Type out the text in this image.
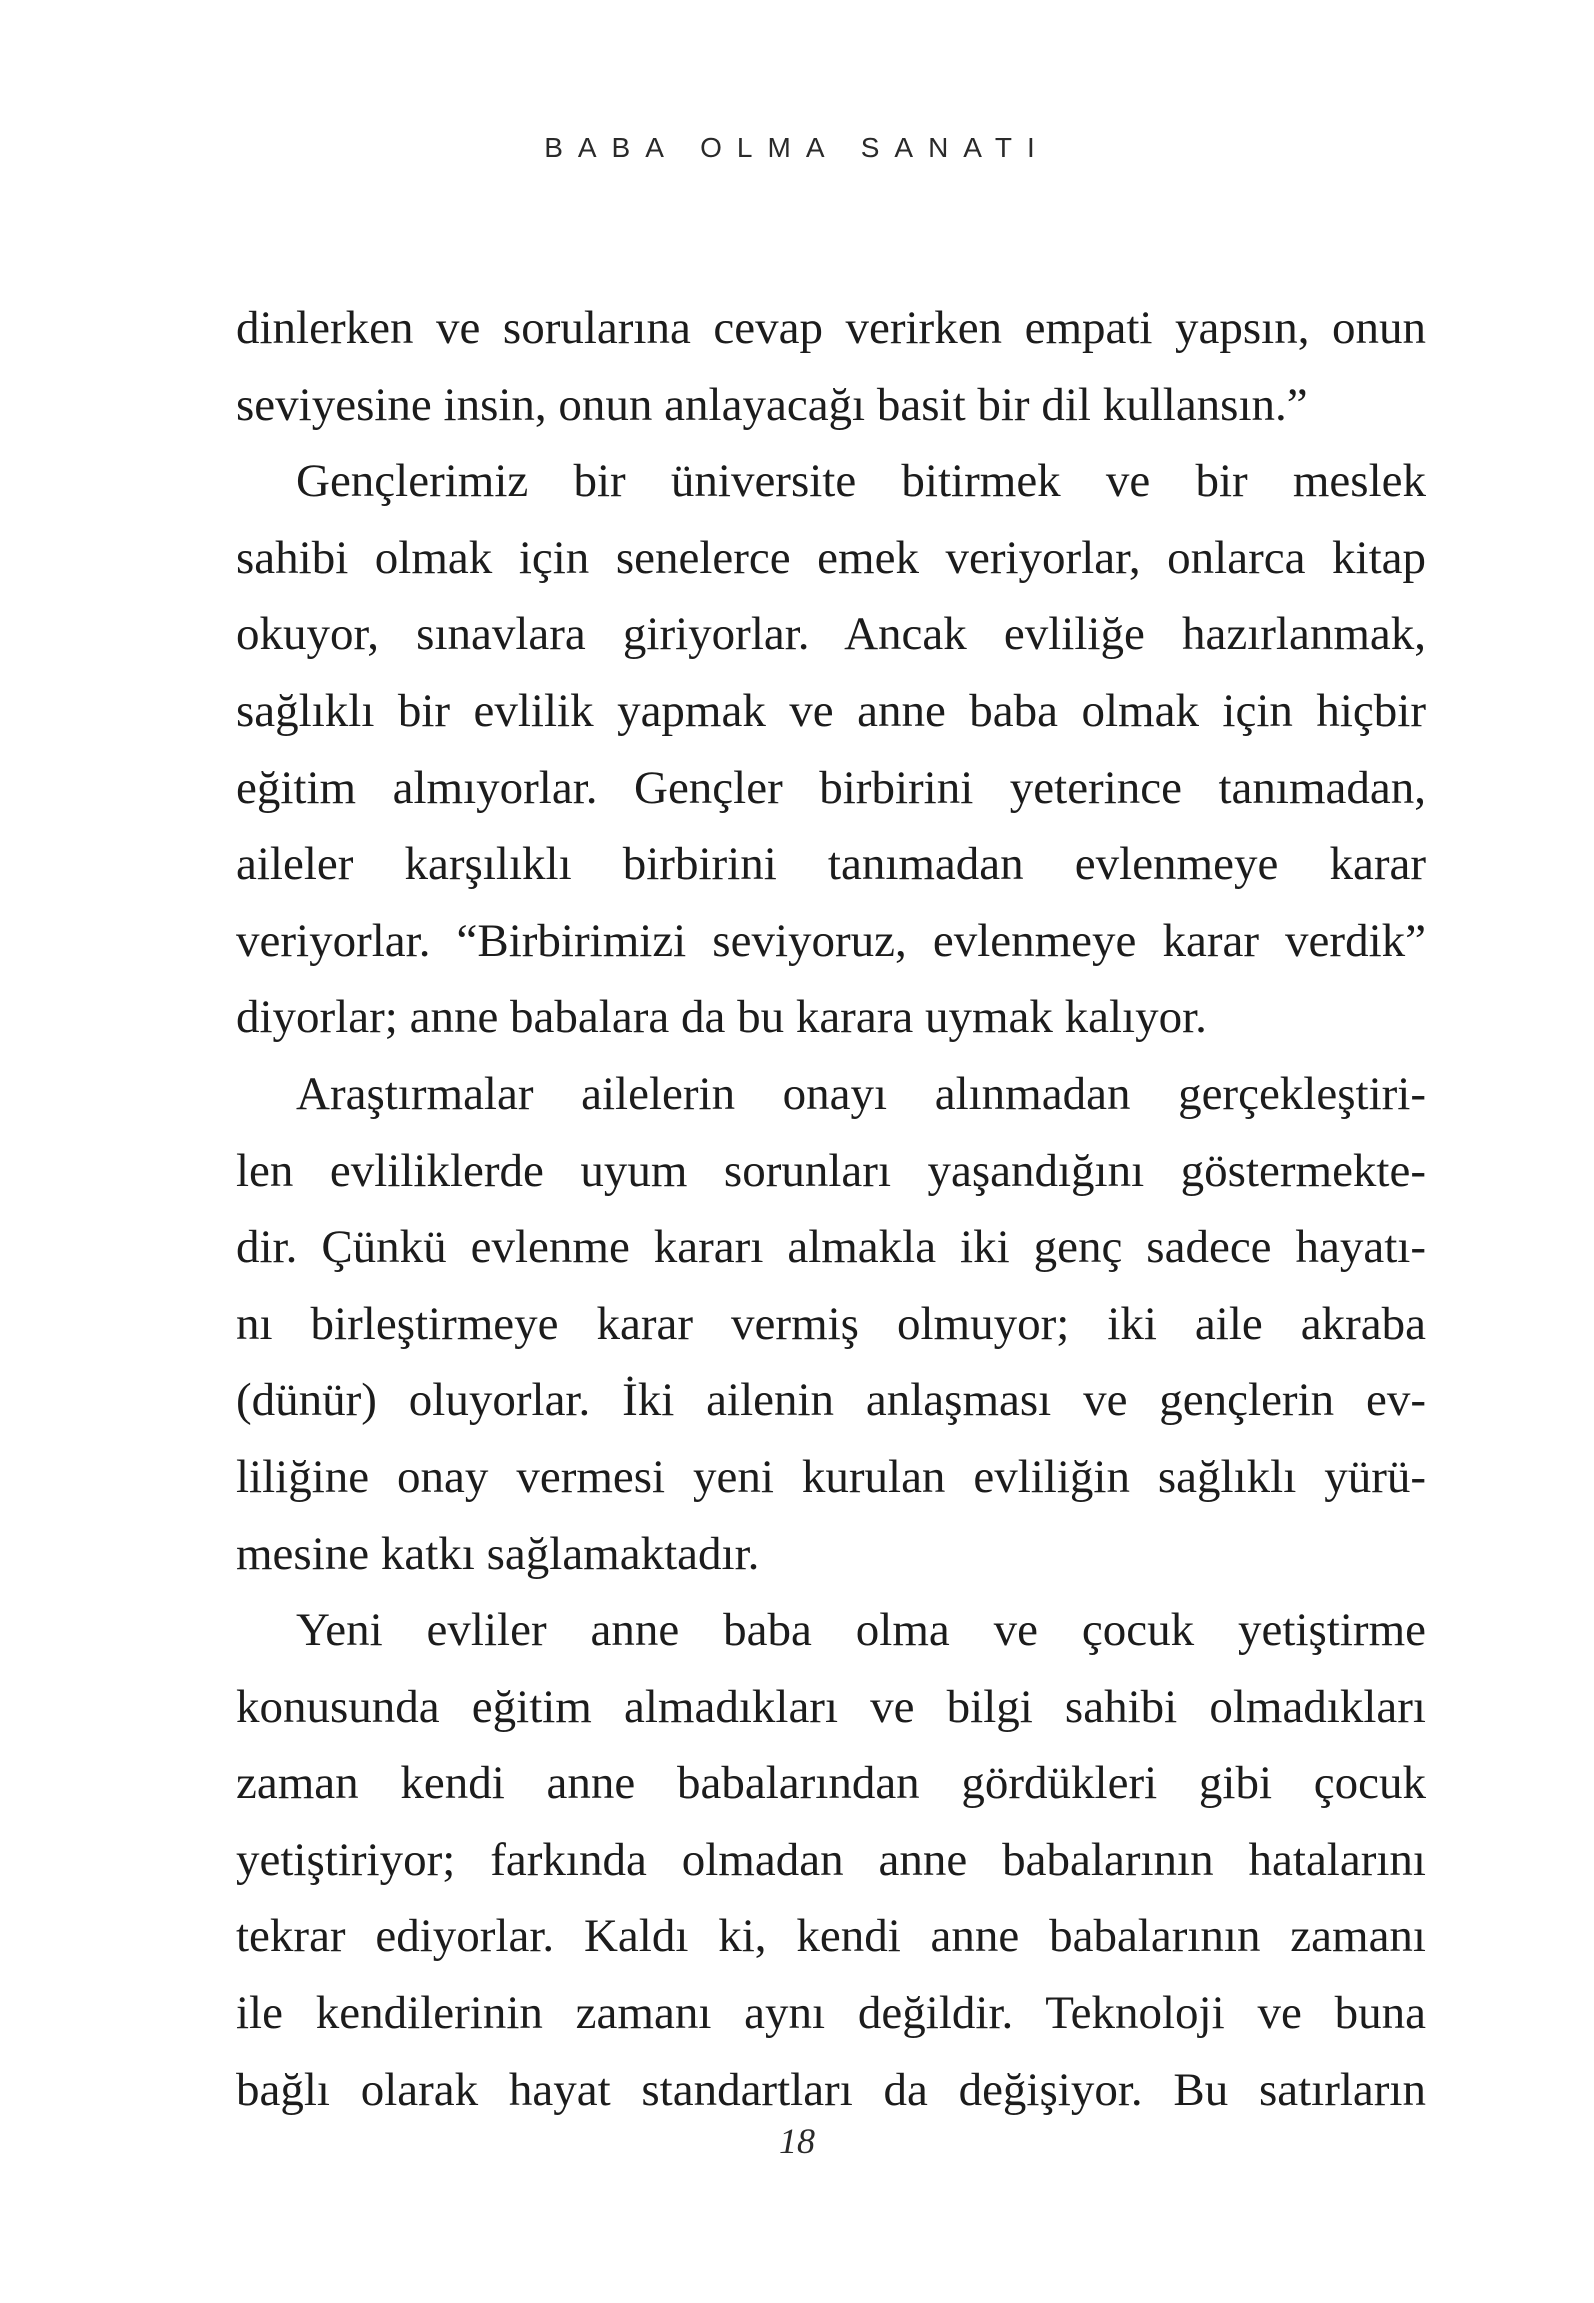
BABA OLMA SANATI
dinlerken ve sorularına cevap verirken empati yapsın, onun
seviyesine insin, onun anlayacağı basit bir dil kullansın.”
Gençlerimiz bir üniversite bitirmek ve bir meslek
sahibi olmak için senelerce emek veriyorlar, onlarca kitap
okuyor, sınavlara giriyorlar. Ancak evliliğe hazırlanmak,
sağlıklı bir evlilik yapmak ve anne baba olmak için hiçbir
eğitim almıyorlar. Gençler birbirini yeterince tanımadan,
aileler karşılıklı birbirini tanımadan evlenmeye karar
veriyorlar. “Birbirimizi seviyoruz, evlenmeye karar verdik”
diyorlar; anne babalara da bu karara uymak kalıyor.
Araştırmalar ailelerin onayı alınmadan gerçekleştiri-
len evliliklerde uyum sorunları yaşandığını göstermekte-
dir. Çünkü evlenme kararı almakla iki genç sadece hayatı-
nı birleştirmeye karar vermiş olmuyor; iki aile akraba
(dünür) oluyorlar. İki ailenin anlaşması ve gençlerin ev-
liliğine onay vermesi yeni kurulan evliliğin sağlıklı yürü-
mesine katkı sağlamaktadır.
Yeni evliler anne baba olma ve çocuk yetiştirme
konusunda eğitim almadıkları ve bilgi sahibi olmadıkları
zaman kendi anne babalarından gördükleri gibi çocuk
yetiştiriyor; farkında olmadan anne babalarının hatalarını
tekrar ediyorlar. Kaldı ki, kendi anne babalarının zamanı
ile kendilerinin zamanı aynı değildir. Teknoloji ve buna
bağlı olarak hayat standartları da değişiyor. Bu satırların
18
